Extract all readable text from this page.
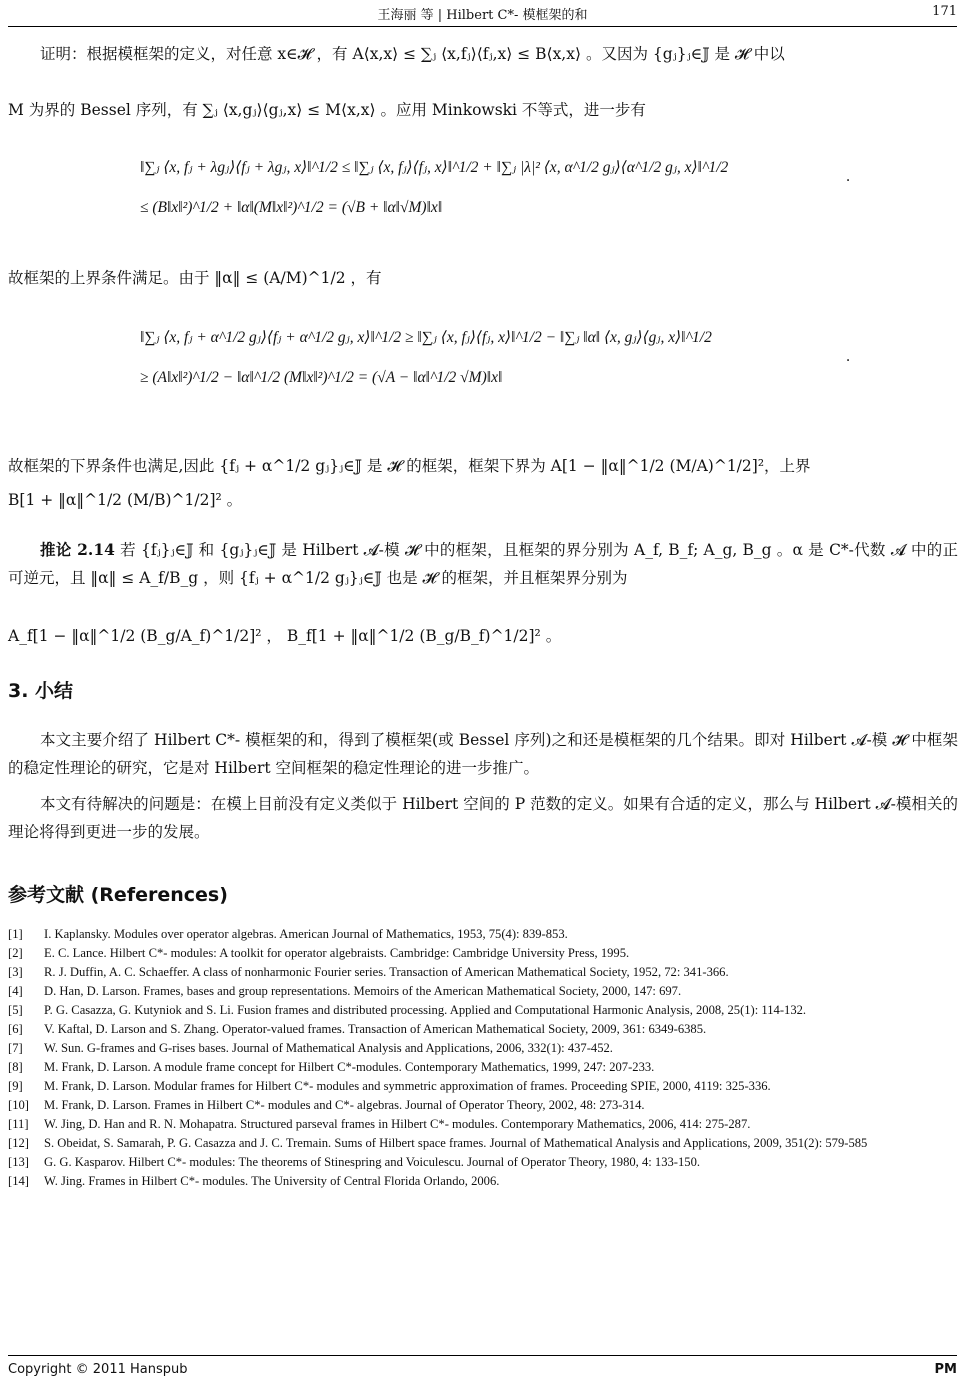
王海丽 等 | Hilbert C*- 模框架的和	171
证明：根据模框架的定义，对任意 x∈𝓗 ，有 A⟨x,x⟩ ≤ ∑ⱼ ⟨x,fⱼ⟩⟨fⱼ,x⟩ ≤ B⟨x,x⟩ 。又因为 {gⱼ}ⱼ∈𝕁 是 𝓗 中以
M 为界的 Bessel 序列，有 ∑ⱼ ⟨x,gⱼ⟩⟨gⱼ,x⟩ ≤ M⟨x,x⟩ 。应用 Minkowski 不等式，进一步有
‖∑ⱼ ⟨x, fⱼ + λgⱼ⟩⟨fⱼ + λgⱼ, x⟩‖^1/2 ≤ ‖∑ⱼ ⟨x, fⱼ⟩⟨fⱼ, x⟩‖^1/2 + ‖∑ⱼ |λ|² ⟨x, α^1/2 gⱼ⟩⟨α^1/2 gⱼ, x⟩‖^1/2
≤ (B‖x‖²)^1/2 + ‖α‖(M‖x‖²)^1/2 = (√B + ‖α‖√M)‖x‖
.
故框架的上界条件满足。由于 ‖α‖ ≤ (A/M)^1/2 ，有
‖∑ⱼ ⟨x, fⱼ + α^1/2 gⱼ⟩⟨fⱼ + α^1/2 gⱼ, x⟩‖^1/2 ≥ ‖∑ⱼ ⟨x, fⱼ⟩⟨fⱼ, x⟩‖^1/2 − ‖∑ⱼ ‖α‖ ⟨x, gⱼ⟩⟨gⱼ, x⟩‖^1/2
≥ (A‖x‖²)^1/2 − ‖α‖^1/2 (M‖x‖²)^1/2 = (√A − ‖α‖^1/2 √M)‖x‖
.
故框架的下界条件也满足,因此 {fⱼ + α^1/2 gⱼ}ⱼ∈𝕁 是 𝓗 的框架，框架下界为 A[1 − ‖α‖^1/2 (M/A)^1/2]²，上界
B[1 + ‖α‖^1/2 (M/B)^1/2]² 。
推论 2.14 若 {fⱼ}ⱼ∈𝕁 和 {gⱼ}ⱼ∈𝕁 是 Hilbert 𝓐-模 𝓗 中的框架，且框架的界分别为 A_f, B_f; A_g, B_g 。α 是 C*-代数 𝓐 中的正可逆元，且 ‖α‖ ≤ A_f/B_g ，则 {fⱼ + α^1/2 gⱼ}ⱼ∈𝕁 也是 𝓗 的框架，并且框架界分别为
A_f[1 − ‖α‖^1/2 (B_g/A_f)^1/2]² ， B_f[1 + ‖α‖^1/2 (B_g/B_f)^1/2]² 。
3. 小结
本文主要介绍了 Hilbert C*- 模框架的和，得到了模框架(或 Bessel 序列)之和还是模框架的几个结果。即对 Hilbert 𝓐-模 𝓗 中框架的稳定性理论的研究，它是对 Hilbert 空间框架的稳定性理论的进一步推广。
本文有待解决的问题是：在模上目前没有定义类似于 Hilbert 空间的 P 范数的定义。如果有合适的定义，那么与 Hilbert 𝓐-模相关的理论将得到更进一步的发展。
参考文献 (References)
[1]	I. Kaplansky. Modules over operator algebras. American Journal of Mathematics, 1953, 75(4): 839-853.
[2]	E. C. Lance. Hilbert C*- modules: A toolkit for operator algebraists. Cambridge: Cambridge University Press, 1995.
[3]	R. J. Duffin, A. C. Schaeffer. A class of nonharmonic Fourier series. Transaction of American Mathematical Society, 1952, 72: 341-366.
[4]	D. Han, D. Larson. Frames, bases and group representations. Memoirs of the American Mathematical Society, 2000, 147: 697.
[5]	P. G. Casazza, G. Kutyniok and S. Li. Fusion frames and distributed processing. Applied and Computational Harmonic Analysis, 2008, 25(1): 114-132.
[6]	V. Kaftal, D. Larson and S. Zhang. Operator-valued frames. Transaction of American Mathematical Society, 2009, 361: 6349-6385.
[7]	W. Sun. G-frames and G-rises bases. Journal of Mathematical Analysis and Applications, 2006, 332(1): 437-452.
[8]	M. Frank, D. Larson. A module frame concept for Hilbert C*-modules. Contemporary Mathematics, 1999, 247: 207-233.
[9]	M. Frank, D. Larson. Modular frames for Hilbert C*- modules and symmetric approximation of frames. Proceeding SPIE, 2000, 4119: 325-336.
[10]	M. Frank, D. Larson. Frames in Hilbert C*- modules and C*- algebras. Journal of Operator Theory, 2002, 48: 273-314.
[11]	W. Jing, D. Han and R. N. Mohapatra. Structured parseval frames in Hilbert C*- modules. Contemporary Mathematics, 2006, 414: 275-287.
[12]	S. Obeidat, S. Samarah, P. G. Casazza and J. C. Tremain. Sums of Hilbert space frames. Journal of Mathematical Analysis and Applications, 2009, 351(2): 579-585
[13]	G. G. Kasparov. Hilbert C*- modules: The theorems of Stinespring and Voiculescu. Journal of Operator Theory, 1980, 4: 133-150.
[14]	W. Jing. Frames in Hilbert C*- modules. The University of Central Florida Orlando, 2006.
Copyright © 2011 Hanspub	PM
